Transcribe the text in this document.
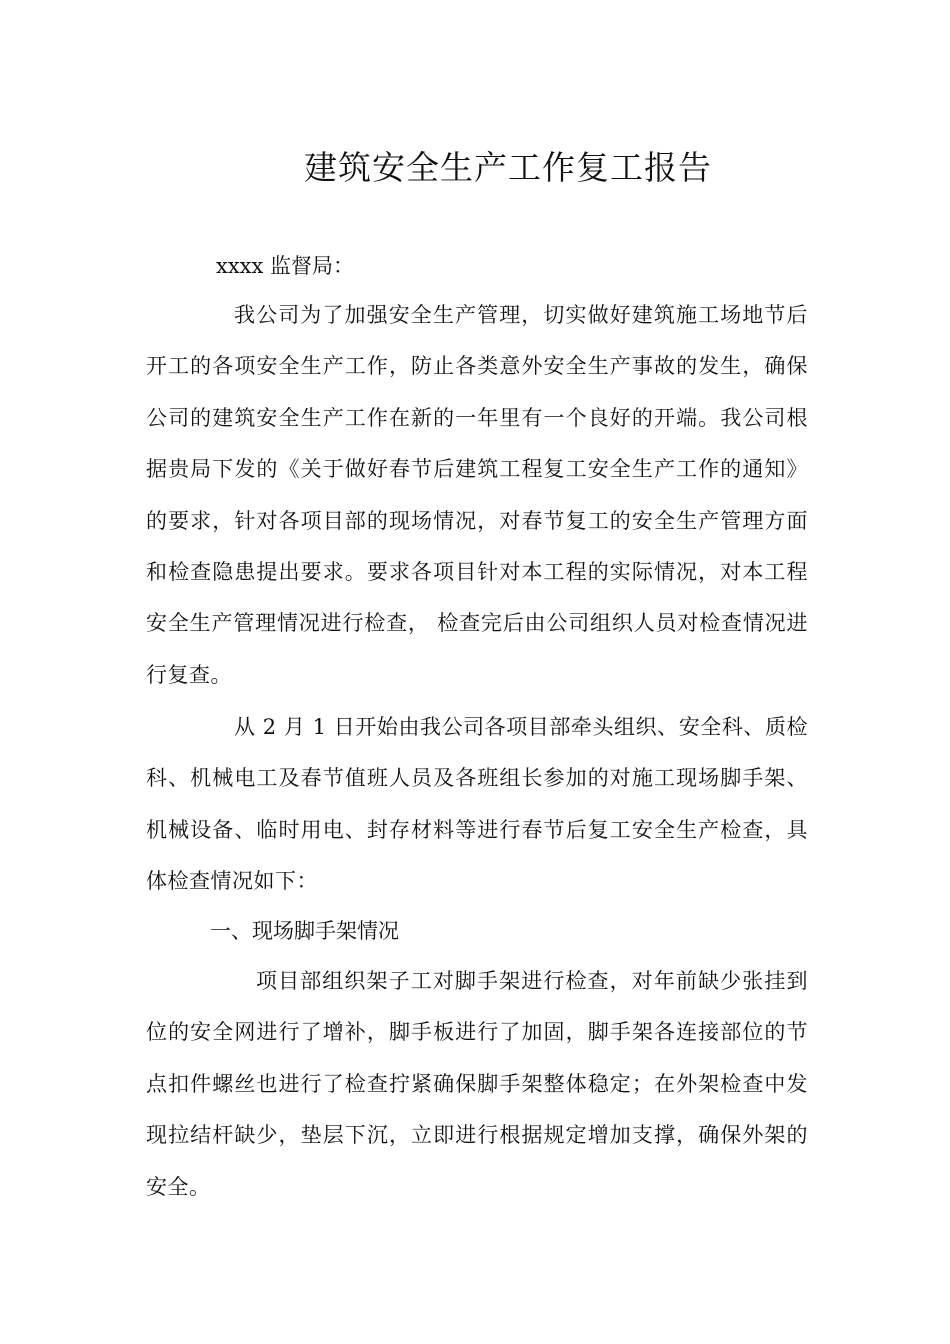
建筑安全生产工作复工报告
xxxx 监督局：

我公司为了加强安全生产管理，切实做好建筑施工场地节后开工的各项安全生产工作，防止各类意外安全生产事故的发生，确保公司的建筑安全生产工作在新的一年里有一个良好的开端。我公司根据贵局下发的《关于做好春节后建筑工程复工安全生产工作的通知》的要求，针对各项目部的现场情况，对春节复工的安全生产管理方面和检查隐患提出要求。要求各项目针对本工程的实际情况，对本工程安全生产管理情况进行检查， 检查完后由公司组织人员对检查情况进行复查。

从 2 月 1 日开始由我公司各项目部牵头组织、安全科、质检科、机械电工及春节值班人员及各班组长参加的对施工现场脚手架、机械设备、临时用电、封存材料等进行春节后复工安全生产检查，具体检查情况如下：

一、现场脚手架情况

项目部组织架子工对脚手架进行检查，对年前缺少张挂到位的安全网进行了增补，脚手板进行了加固，脚手架各连接部位的节点扣件螺丝也进行了检查拧紧确保脚手架整体稳定；在外架检查中发现拉结杆缺少，垫层下沉，立即进行根据规定增加支撑，确保外架的安全。
